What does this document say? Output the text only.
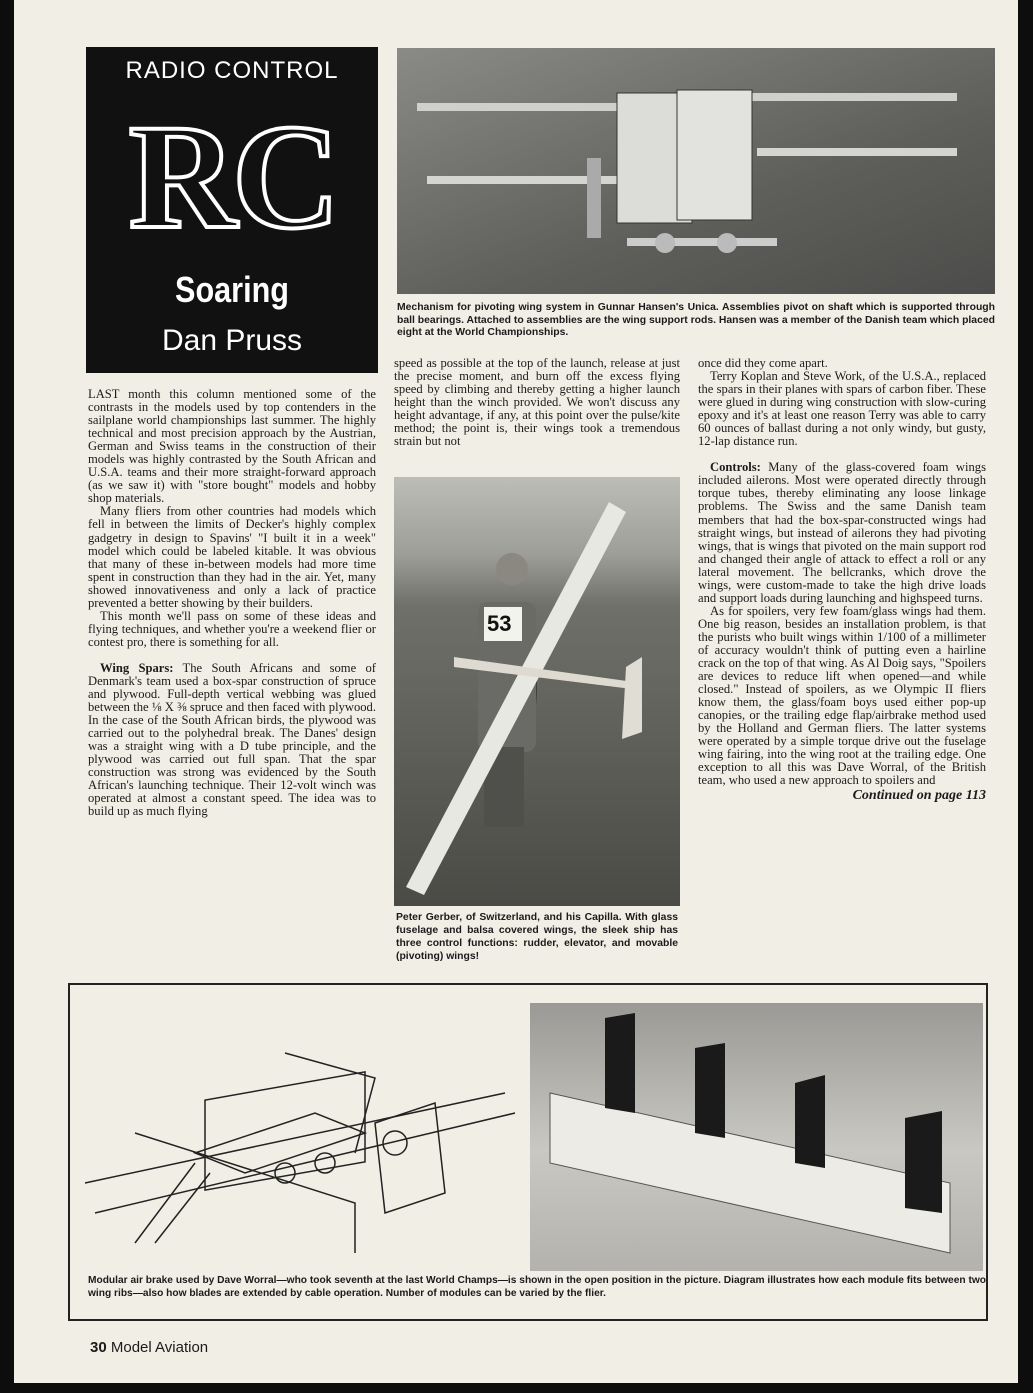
RADIO CONTROL
RC
Soaring
Dan Pruss
Mechanism for pivoting wing system in Gunnar Hansen's Unica. Assemblies pivot on shaft which is supported through ball bearings. Attached to assemblies are the wing support rods. Hansen was a member of the Danish team which placed eight at the World Championships.

LAST month this column mentioned some of the contrasts in the models used by top contenders in the sailplane world championships last summer. The highly technical and most precision approach by the Austrian, German and Swiss teams in the construction of their models was highly contrasted by the South African and U.S.A. teams and their more straight-forward approach (as we saw it) with "store bought" models and hobby shop materials.

Many fliers from other countries had models which fell in between the limits of Decker's highly complex gadgetry in design to Spavins' "I built it in a week" model which could be labeled kitable. It was obvious that many of these in-between models had more time spent in construction than they had in the air. Yet, many showed innovativeness and only a lack of practice prevented a better showing by their builders.

This month we'll pass on some of these ideas and flying techniques, and whether you're a weekend flier or contest pro, there is something for all.

Wing Spars: The South Africans and some of Denmark's team used a box-spar construction of spruce and plywood. Full-depth vertical webbing was glued between the ⅛ X ⅜ spruce and then faced with plywood. In the case of the South African birds, the plywood was carried out to the polyhedral break. The Danes' design was a straight wing with a D tube principle, and the plywood was carried out full span. That the spar construction was strong was evidenced by the South African's launching technique. Their 12-volt winch was operated at almost a constant speed. The idea was to build up as much flying

speed as possible at the top of the launch, release at just the precise moment, and burn off the excess flying speed by climbing and thereby getting a higher launch height than the winch provided. We won't discuss any height advantage, if any, at this point over the pulse/kite method; the point is, their wings took a tremendous strain but not

53
Peter Gerber, of Switzerland, and his Capilla. With glass fuselage and balsa covered wings, the sleek ship has three control functions: rudder, elevator, and movable (pivoting) wings!

once did they come apart.

Terry Koplan and Steve Work, of the U.S.A., replaced the spars in their planes with spars of carbon fiber. These were glued in during wing construction with slow-curing epoxy and it's at least one reason Terry was able to carry 60 ounces of ballast during a not only windy, but gusty, 12-lap distance run.

Controls: Many of the glass-covered foam wings included ailerons. Most were operated directly through torque tubes, thereby eliminating any loose linkage problems. The Swiss and the same Danish team members that had the box-spar-constructed wings had straight wings, but instead of ailerons they had pivoting wings, that is wings that pivoted on the main support rod and changed their angle of attack to effect a roll or any lateral movement. The bellcranks, which drove the wings, were custom-made to take the high drive loads and support loads during launching and highspeed turns.

As for spoilers, very few foam/glass wings had them. One big reason, besides an installation problem, is that the purists who built wings within 1/100 of a millimeter of accuracy wouldn't think of putting even a hairline crack on the top of that wing. As Al Doig says, "Spoilers are devices to reduce lift when opened—and while closed." Instead of spoilers, as we Olympic II fliers know them, the glass/foam boys used either pop-up canopies, or the trailing edge flap/airbrake method used by the Holland and German fliers. The latter systems were operated by a simple torque drive out the fuselage wing fairing, into the wing root at the trailing edge. One exception to all this was Dave Worral, of the British team, who used a new approach to spoilers and

Continued on page 113
Modular air brake used by Dave Worral—who took seventh at the last World Champs—is shown in the open position in the picture. Diagram illustrates how each module fits between two wing ribs—also how blades are extended by cable operation. Number of modules can be varied by the flier.
30 Model Aviation
